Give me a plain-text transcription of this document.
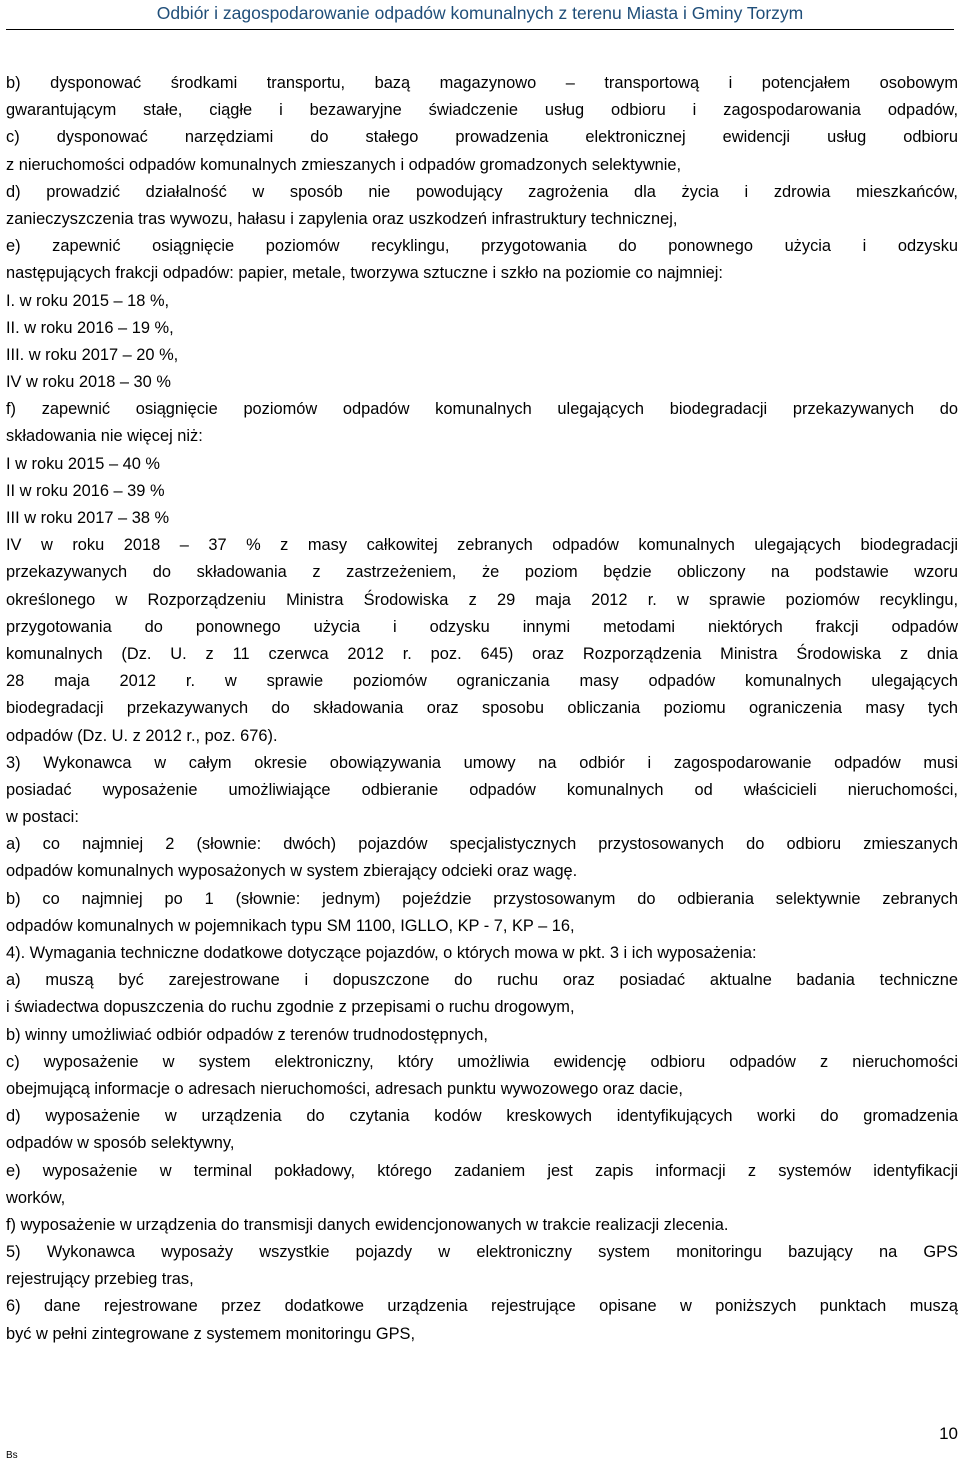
Odbiór i zagospodarowanie odpadów komunalnych z terenu Miasta i Gminy Torzym
b) dysponować środkami transportu, bazą magazynowo – transportową i potencjałem osobowym
gwarantującym stałe, ciągłe i bezawaryjne świadczenie usług odbioru i zagospodarowania odpadów,
c) dysponować narzędziami do stałego prowadzenia elektronicznej ewidencji usług odbioru
z nieruchomości odpadów komunalnych zmieszanych i odpadów gromadzonych selektywnie,
d) prowadzić działalność w sposób nie powodujący zagrożenia dla życia i zdrowia mieszkańców,
zanieczyszczenia tras wywozu, hałasu i zapylenia oraz uszkodzeń infrastruktury technicznej,
e) zapewnić osiągnięcie poziomów recyklingu, przygotowania do ponownego użycia i odzysku
następujących frakcji odpadów: papier, metale, tworzywa sztuczne i szkło na poziomie co najmniej:
I. w roku 2015 – 18 %,
II. w roku 2016 – 19 %,
III. w roku 2017 – 20 %,
IV w roku 2018 – 30 %
f) zapewnić osiągnięcie poziomów odpadów komunalnych ulegających biodegradacji przekazywanych do
składowania nie więcej niż:
I w roku 2015 – 40 %
II w roku 2016 – 39 %
III w roku 2017 – 38 %
IV w roku 2018 – 37 % z masy całkowitej zebranych odpadów komunalnych ulegających biodegradacji
przekazywanych do składowania z zastrzeżeniem, że poziom będzie obliczony na podstawie wzoru
określonego w Rozporządzeniu Ministra Środowiska z 29 maja 2012 r. w sprawie poziomów recyklingu,
przygotowania do ponownego użycia i odzysku innymi metodami niektórych frakcji odpadów
komunalnych (Dz. U. z 11 czerwca 2012 r. poz. 645) oraz Rozporządzenia Ministra Środowiska z dnia
28 maja 2012 r. w sprawie poziomów ograniczania masy odpadów komunalnych ulegających
biodegradacji przekazywanych do składowania oraz sposobu obliczania poziomu ograniczenia masy tych
odpadów (Dz. U. z 2012 r., poz. 676).
3) Wykonawca w całym okresie obowiązywania umowy na odbiór i zagospodarowanie odpadów musi
posiadać wyposażenie umożliwiające odbieranie odpadów komunalnych od właścicieli nieruchomości,
w postaci:
a) co najmniej 2 (słownie: dwóch) pojazdów specjalistycznych przystosowanych do odbioru zmieszanych
odpadów komunalnych wyposażonych w system zbierający odcieki oraz wagę.
b) co najmniej po 1 (słownie: jednym) pojeździe przystosowanym do odbierania selektywnie zebranych
odpadów komunalnych w pojemnikach typu SM 1100, IGLLO, KP - 7, KP – 16,
4). Wymagania techniczne dodatkowe dotyczące pojazdów, o których mowa w pkt. 3 i ich wyposażenia:
a) muszą być zarejestrowane i dopuszczone do ruchu oraz posiadać aktualne badania techniczne
i świadectwa dopuszczenia do ruchu zgodnie z przepisami o ruchu drogowym,
b) winny umożliwiać odbiór odpadów z terenów trudnodostępnych,
c) wyposażenie w system elektroniczny, który umożliwia ewidencję odbioru odpadów z nieruchomości
obejmującą informacje o adresach nieruchomości, adresach punktu wywozowego oraz dacie,
d) wyposażenie w urządzenia do czytania kodów kreskowych identyfikujących worki do gromadzenia
odpadów w sposób selektywny,
e) wyposażenie w terminal pokładowy, którego zadaniem jest zapis informacji z systemów identyfikacji
worków,
f) wyposażenie w urządzenia do transmisji danych ewidencjonowanych w trakcie realizacji zlecenia.
5) Wykonawca wyposaży wszystkie pojazdy w elektroniczny system monitoringu bazujący na GPS
rejestrujący przebieg tras,
6) dane rejestrowane przez dodatkowe urządzenia rejestrujące opisane w poniższych punktach muszą
być w pełni zintegrowane z systemem monitoringu GPS,
Bs
10
